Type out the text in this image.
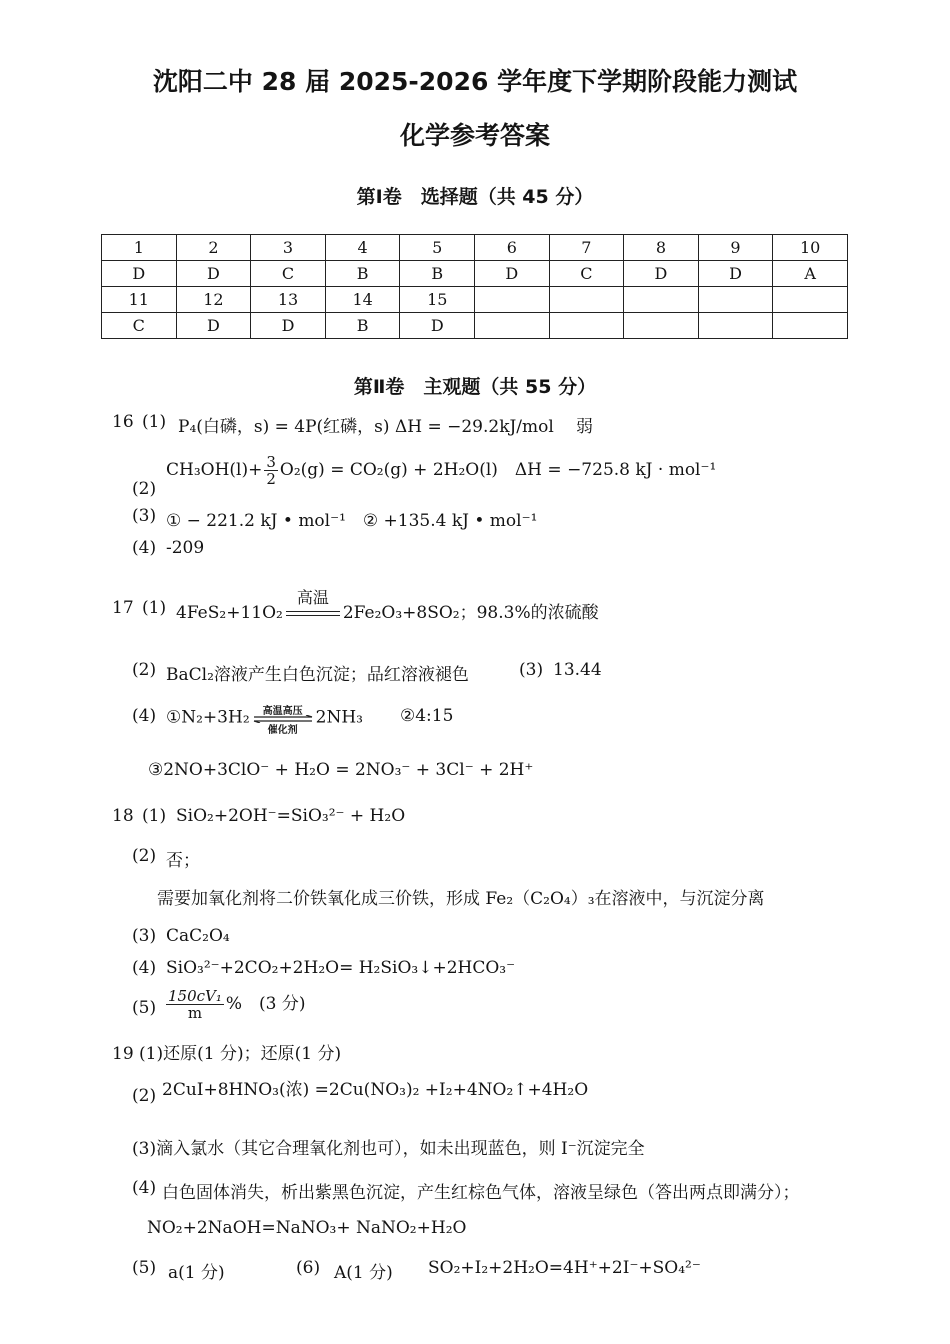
沈阳二中 28 届 2025-2026 学年度下学期阶段能力测试
化学参考答案
第Ⅰ卷　选择题（共 45 分）
1	2	3	4	5	6	7	8	9	10
D	D	C	B	B	D	C	D	D	A
11	12	13	14	15					
C	D	D	B	D					
第Ⅱ卷　主观题（共 55 分）
16 (1) P₄(白磷，s) = 4P(红磷，s) ΔH = −29.2kJ/mol 弱
(2)
$CH_3OH(l)+ \frac{3}{2} O_2(g) = CO_2(g) + 2H_2O(l)$　ΔH = −725.8 kJ · mol⁻¹
(3) ① − 221.2 kJ • mol⁻¹　② +135.4 kJ • mol⁻¹
(4) -209
17 (1) 4FeS₂+11O₂
高温
2Fe₂O₃+8SO₂；98.3%的浓硫酸
(2) BaCl₂溶液产生白色沉淀；品红溶液褪色	(3) 13.44
(4) ①N₂+3H₂	高温高压
催化剂
2NH₃ ②4:15
③2NO+3ClO⁻ + H₂O = 2NO₃⁻ + 3Cl⁻ + 2H⁺
18 (1) SiO₂+2OH⁻=SiO₃²⁻ + H₂O
(2) 否；
需要加氧化剂将二价铁氧化成三价铁，形成 Fe₂（C₂O₄）₃在溶液中，与沉淀分离
(3) CaC₂O₄
(4) SiO₃²⁻+2CO₂+2H₂O= H₂SiO₃↓+2HCO₃⁻
$(5) \frac{\text{150cV₁}}{m}$ %　(3 分)
19 (1)还原(1 分)；还原(1 分)
(2) 2CuI+8HNO₃(浓) =2Cu(NO₃)₂ +I₂+4NO₂↑+4H₂O
(3)滴入氯水（其它合理氧化剂也可），如未出现蓝色，则 I⁻沉淀完全
(4) 白色固体消失，析出紫黑色沉淀，产生红棕色气体，溶液呈绿色（答出两点即满分）；
NO₂+2NaOH=NaNO₃+ NaNO₂+H₂O
(5) a(1 分)	(6) A(1 分) SO₂+I₂+2H₂O=4H⁺+2I⁻+SO₄²⁻
